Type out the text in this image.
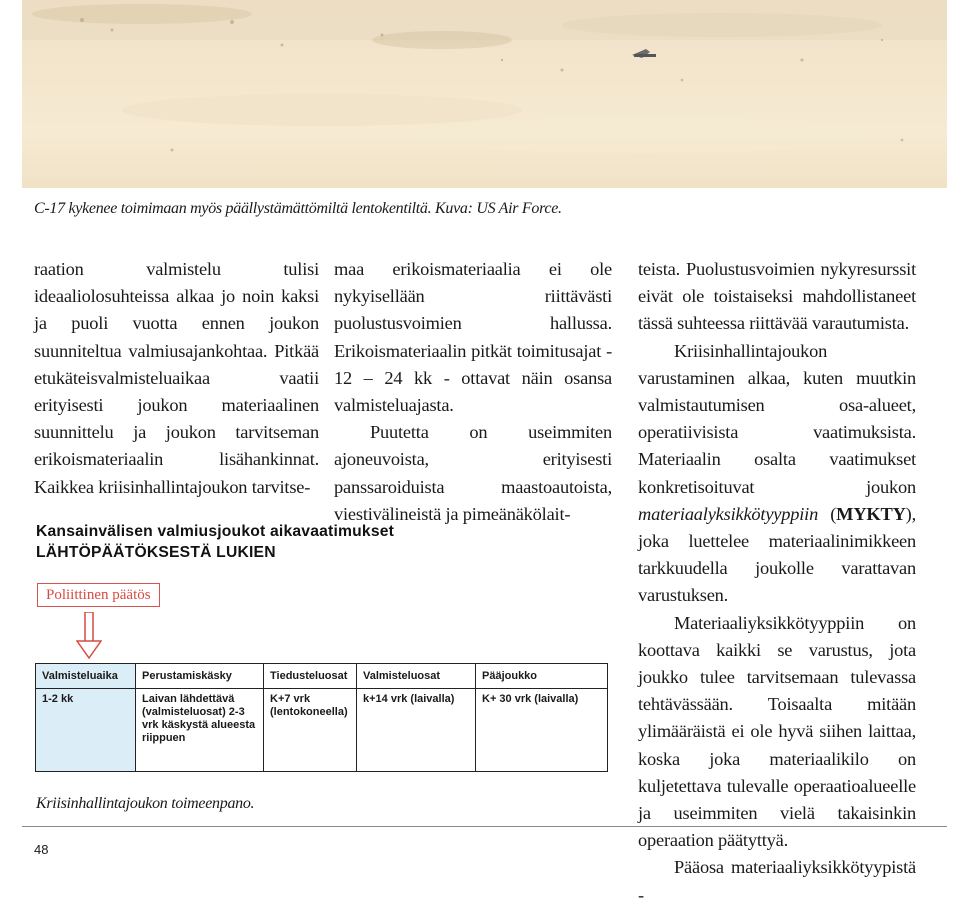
C-17 kykenee toimimaan myös päällystämättömiltä lentokentiltä. Kuva: US Air Force.

raation valmistelu tulisi ideaaliolosuhteissa alkaa jo noin kaksi ja puoli vuotta ennen joukon suunniteltua valmiusajankohtaa. Pitkää etukäteisvalmisteluaikaa vaatii erityisesti joukon materiaalinen suunnittelu ja joukon tarvitseman erikoismateriaalin lisähankinnat. Kaikkea kriisinhallintajoukon tarvitse-

maa erikoismateriaalia ei ole nykyisellään riittävästi puolustusvoimien hallussa. Erikoismateriaalin pitkät toimitusajat - 12 – 24 kk - ottavat näin osansa valmisteluajasta.

Puutetta on useimmiten ajoneuvoista, erityisesti panssaroiduista maastoautoista, viestivälineistä ja pimeänäkölait-

teista. Puolustusvoimien nykyresurssit eivät ole toistaiseksi mahdollistaneet tässä suhteessa riittävää varautumista.

Kriisinhallintajoukon varustaminen alkaa, kuten muutkin valmistautumisen osa-alueet, operatiivisista vaatimuksista. Materiaalin osalta vaatimukset konkretisoituvat joukon materiaalyksikkötyyppiin (MYKTY), joka luettelee materiaalinimikkeen tarkkuudella joukolle varattavan varustuksen.

Materiaaliyksikkötyyppiin on koottava kaikki se varustus, jota joukko tulee tarvitsemaan tulevassa tehtävässään. Toisaalta mitään ylimääräistä ei ole hyvä siihen laittaa, koska joka materiaalikilo on kuljetettava tulevalle operaatioalueelle ja useimmiten vielä takaisinkin operaation päätyttyä.

Pääosa materiaaliyksikkötyypistä -

Kansainvälisen valmiusjoukot aikavaatimukset
LÄHTÖPÄÄTÖKSESTÄ LUKIEN
Poliittinen päätös
Valmisteluaika	Perustamiskäsky	Tiedusteluosat	Valmisteluosat	Pääjoukko
1-2 kk	Laivan lähdettävä (valmisteluosat) 2-3 vrk käskystä alueesta riippuen	K+7 vrk (lentokoneella)	k+14 vrk (laivalla)	K+ 30 vrk (laivalla)
Kriisinhallintajoukon toimeenpano.
48
